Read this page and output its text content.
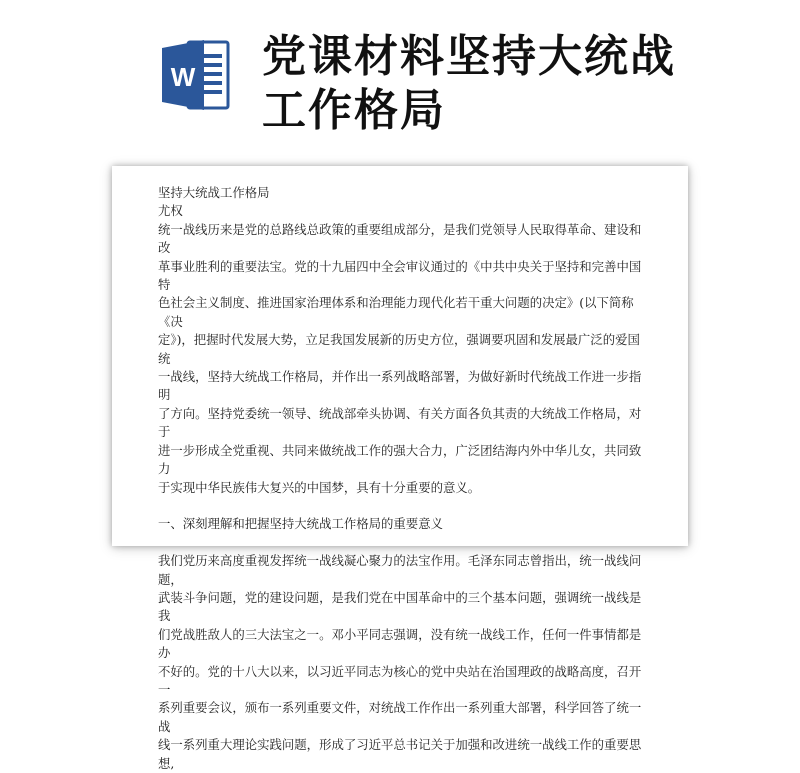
W 党课材料坚持大统战
工作格局

坚持大统战工作格局

尤权

统一战线历来是党的总路线总政策的重要组成部分，是我们党领导人民取得革命、建设和改

革事业胜利的重要法宝。党的十九届四中全会审议通过的《中共中央关于坚持和完善中国特

色社会主义制度、推进国家治理体系和治理能力现代化若干重大问题的决定》(以下简称《决

定》)，把握时代发展大势，立足我国发展新的历史方位，强调要巩固和发展最广泛的爱国统

一战线，坚持大统战工作格局，并作出一系列战略部署，为做好新时代统战工作进一步指明

了方向。坚持党委统一领导、统战部牵头协调、有关方面各负其责的大统战工作格局，对于

进一步形成全党重视、共同来做统战工作的强大合力，广泛团结海内外中华儿女，共同致力

于实现中华民族伟大复兴的中国梦，具有十分重要的意义。

一、深刻理解和把握坚持大统战工作格局的重要意义

我们党历来高度重视发挥统一战线凝心聚力的法宝作用。毛泽东同志曾指出，统一战线问题，

武装斗争问题，党的建设问题，是我们党在中国革命中的三个基本问题，强调统一战线是我

们党战胜敌人的三大法宝之一。邓小平同志强调，没有统一战线工作，任何一件事情都是办

不好的。党的十八大以来，以习近平同志为核心的党中央站在治国理政的战略高度，召开一

系列重要会议，颁布一系列重要文件，对统战工作作出一系列重大部署，科学回答了统一战

线一系列重大理论实践问题，形成了习近平总书记关于加强和改进统一战线工作的重要思想,
